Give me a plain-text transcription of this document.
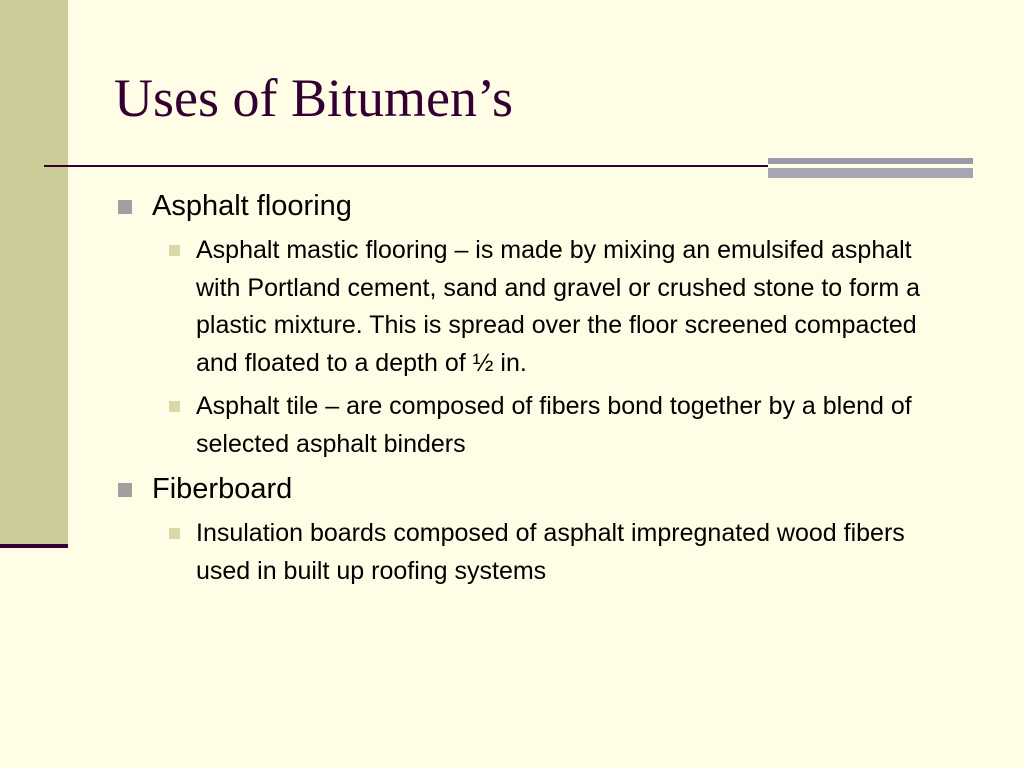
Uses of Bitumen’s
Asphalt flooring
Asphalt mastic flooring – is made by mixing an emulsifed asphalt with Portland cement, sand and gravel or crushed stone to form a plastic mixture. This is spread over the floor screened compacted and floated to a depth of ½ in.
Asphalt tile – are composed of fibers bond together by a blend of selected asphalt binders
Fiberboard
Insulation boards composed of asphalt impregnated wood fibers used in built up roofing systems
